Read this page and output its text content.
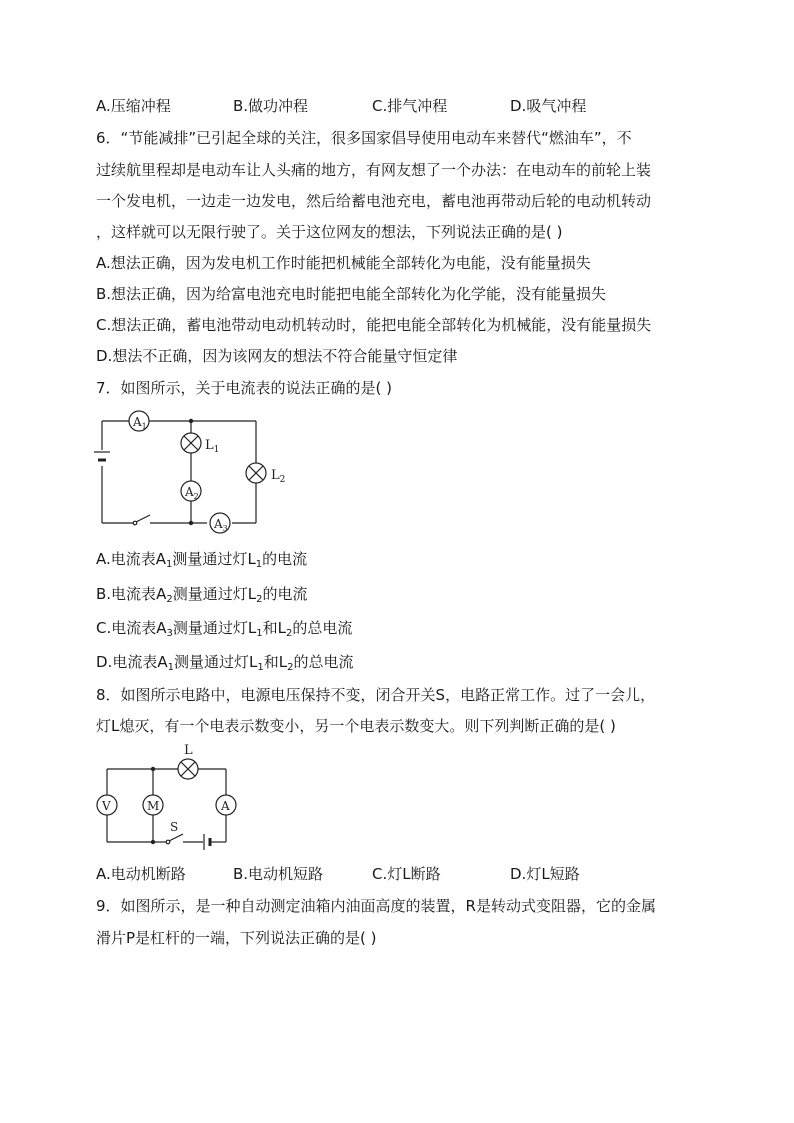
A.压缩冲程	B.做功冲程	C.排气冲程	D.吸气冲程
6．“节能减排”已引起全球的关注，很多国家倡导使用电动车来替代“燃油车”，不
过续航里程却是电动车让人头痛的地方，有网友想了一个办法：在电动车的前轮上装
一个发电机，一边走一边发电，然后给蓄电池充电，蓄电池再带动后轮的电动机转动
，这样就可以无限行驶了。关于这位网友的想法，下列说法正确的是( )
A.想法正确，因为发电机工作时能把机械能全部转化为电能，没有能量损失
B.想法正确，因为给富电池充电时能把电能全部转化为化学能，没有能量损失
C.想法正确，蓄电池带动电动机转动时，能把电能全部转化为机械能，没有能量损失
D.想法不正确，因为该网友的想法不符合能量守恒定律
7．如图所示，关于电流表的说法正确的是( )
$A_1$
$L_1$
$A_2$
$L_2$
$A_3$
A.电流表$A_1$测量通过灯$L_1$的电流
B.电流表$A_2$测量通过灯$L_2$的电流
C.电流表$A_3$测量通过灯$L_1$和$L_2$的总电流
D.电流表$A_1$测量通过灯$L_1$和$L_2$的总电流
8．如图所示电路中，电源电压保持不变，闭合开关S，电路正常工作。过了一会儿，
灯L熄灭，有一个电表示数变小，另一个电表示数变大。则下列判断正确的是( )
S
L
V	M	A
A.电动机断路	B.电动机短路	C.灯L断路	D.灯L短路
9．如图所示，是一种自动测定油箱内油面高度的装置，R是转动式变阻器，它的金属
滑片P是杠杆的一端，下列说法正确的是( )
